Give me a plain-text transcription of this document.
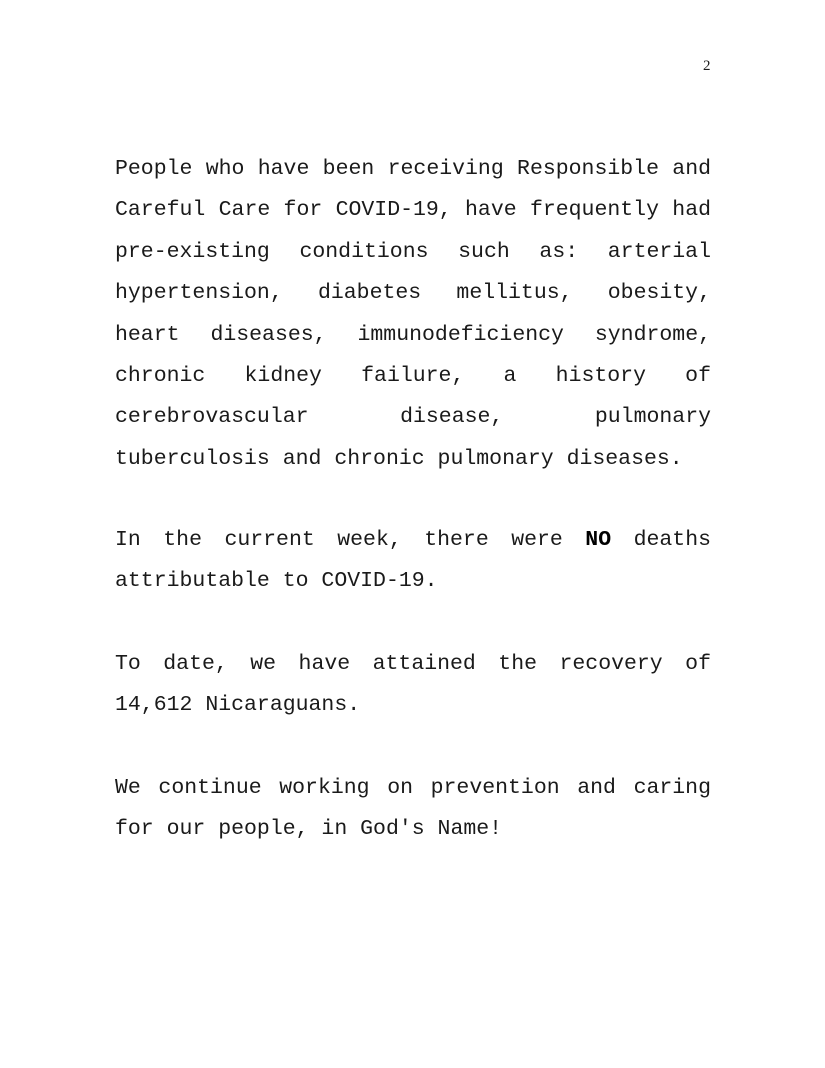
2

People who have been receiving Responsible and Careful Care for COVID-19, have frequently had pre-existing conditions such as: arterial hypertension, diabetes mellitus, obesity, heart diseases, immunodeficiency syndrome, chronic kidney failure, a history of cerebrovascular disease, pulmonary tuberculosis and chronic pulmonary diseases.

In the current week, there were NO deaths attributable to COVID-19.

To date, we have attained the recovery of 14,612 Nicaraguans.

We continue working on prevention and caring for our people, in God's Name!
